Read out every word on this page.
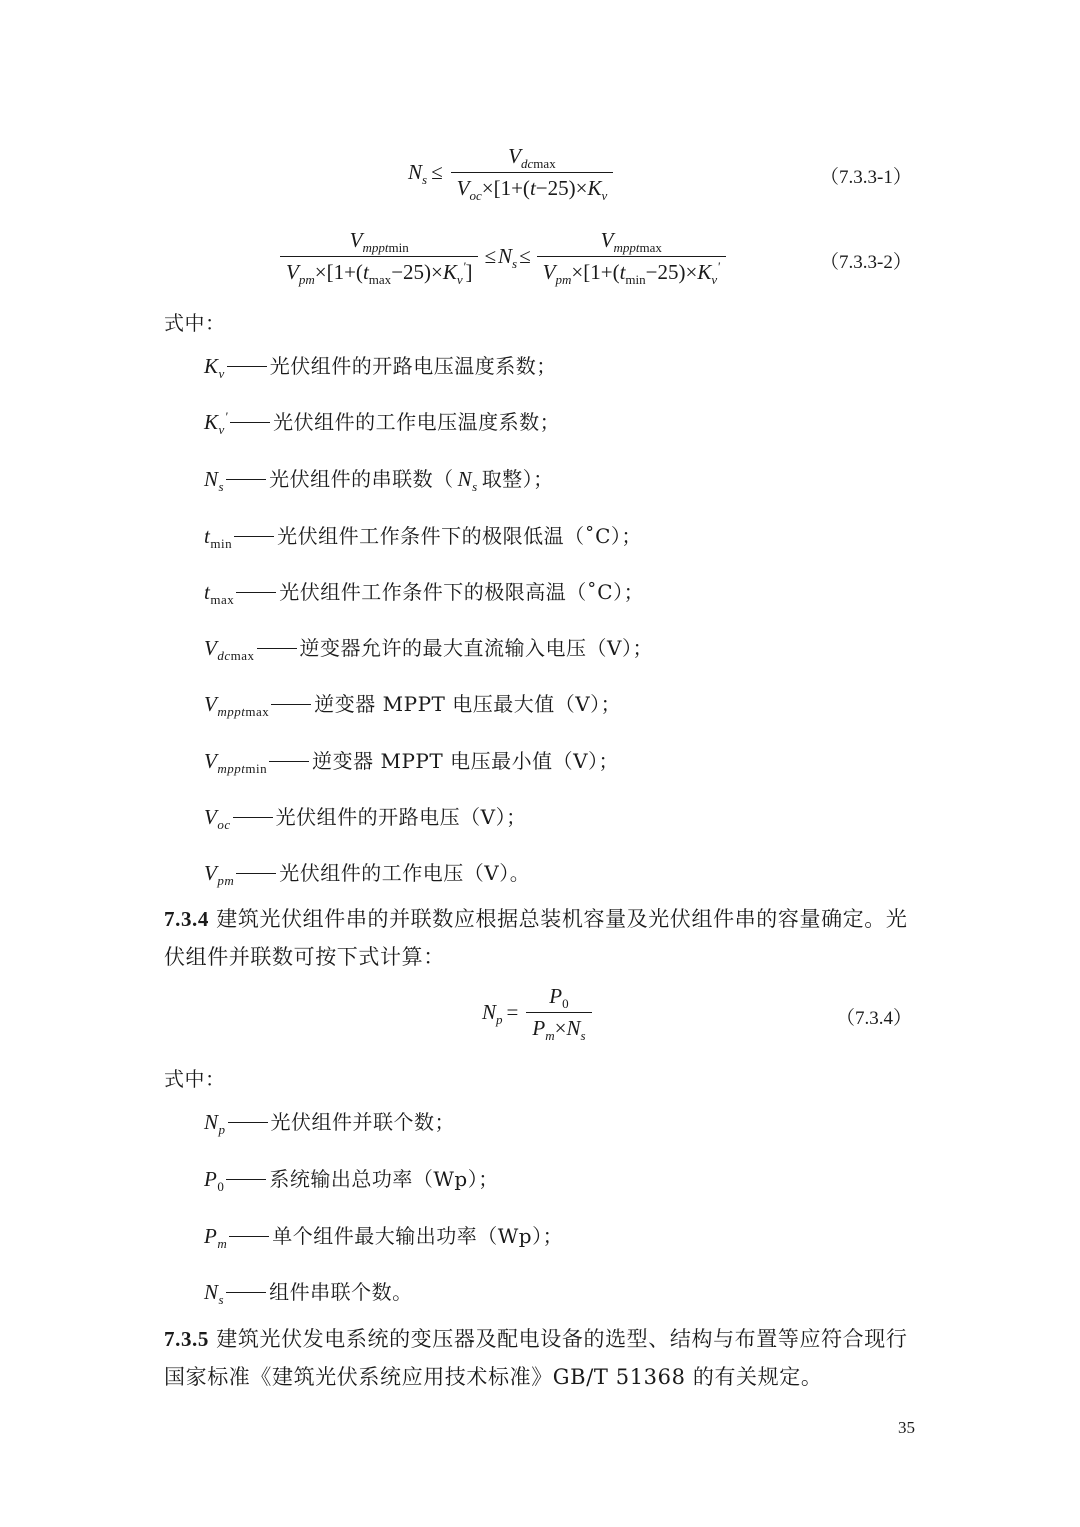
$N_s \le \frac{V_{dcmax}}{V_{oc}\times[1+(t-25)\times K_v}$	（7.3.3-1）
$\frac{V_{mpptmin}}{V_{pm}\times[1+(t_{max}-25)\times K_v']} \le N_s \le \frac{V_{mpptmax}}{V_{pm}\times[1+(t_{min}-25)\times K_v'}$	（7.3.3-2）
式中：
$K_v$ 光伏组件的开路电压温度系数；
$K_v'$ 光伏组件的工作电压温度系数；
$N_s$ 光伏组件的串联数（ $N_s$ 取整）；
$t_{min}$ 光伏组件工作条件下的极限低温（˚C）；
$t_{max}$ 光伏组件工作条件下的极限高温（˚C）；
$V_{dcmax}$ 逆变器允许的最大直流输入电压（V）；
$V_{mpptmax}$ 逆变器 MPPT 电压最大值（V）；
$V_{mpptmin}$ 逆变器 MPPT 电压最小值（V）；
$V_{oc}$ 光伏组件的开路电压（V）；
$V_{pm}$ 光伏组件的工作电压（V）。
7.3.4 建筑光伏组件串的并联数应根据总装机容量及光伏组件串的容量确定。光
伏组件并联数可按下式计算：
$N_p = \frac{P_0}{P_m\times N_s}$	（7.3.4）
式中：
$N_p$ 光伏组件并联个数；
$P_0$ 系统输出总功率（Wp）；
$P_m$ 单个组件最大输出功率（Wp）；
$N_s$ 组件串联个数。
7.3.5 建筑光伏发电系统的变压器及配电设备的选型、结构与布置等应符合现行
国家标准《建筑光伏系统应用技术标准》GB/T 51368 的有关规定。
35
